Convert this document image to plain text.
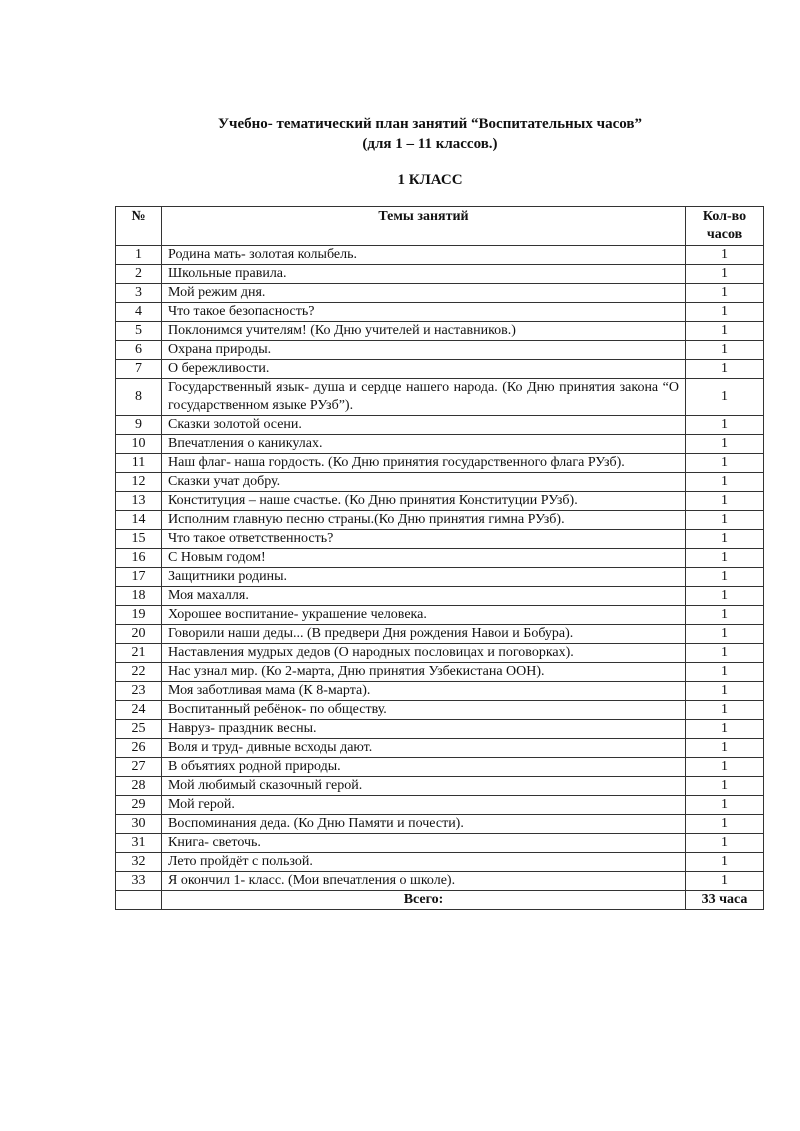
Учебно- тематический план занятий “Воспитательных часов”
(для 1 – 11 классов.)
1 КЛАСС
№	Темы занятий	Кол-во часов
1	Родина мать- золотая колыбель.	1
2	Школьные правила.	1
3	Мой режим дня.	1
4	Что такое безопасность?	1
5	Поклонимся учителям! (Ко Дню учителей и наставников.)	1
6	Охрана природы.	1
7	О бережливости.	1
8	Государственный язык- душа и сердце нашего народа. (Ко Дню принятия закона “О государственном языке РУзб”).	1
9	Сказки золотой осени.	1
10	Впечатления о каникулах.	1
11	Наш флаг- наша гордость. (Ко Дню принятия государственного флага РУзб).	1
12	Сказки учат добру.	1
13	Конституция – наше счастье. (Ко Дню принятия Конституции РУзб).	1
14	Исполним главную песню страны.(Ко Дню принятия гимна РУзб).	1
15	Что такое ответственность?	1
16	С Новым годом!	1
17	Защитники родины.	1
18	Моя махалля.	1
19	Хорошее воспитание- украшение человека.	1
20	Говорили наши деды... (В предвери Дня рождения Навои и Бобура).	1
21	Наставления мудрых дедов (О народных пословицах и поговорках).	1
22	Нас узнал мир. (Ко 2-марта, Дню принятия Узбекистана ООН).	1
23	Моя заботливая мама (К 8-марта).	1
24	Воспитанный ребёнок- по обществу.	1
25	Навруз- праздник весны.	1
26	Воля и труд- дивные всходы дают.	1
27	В объятиях родной природы.	1
28	Мой любимый сказочный герой.	1
29	Мой герой.	1
30	Воспоминания деда. (Ко Дню Памяти и почести).	1
31	Книга- светочь.	1
32	Лето пройдёт с пользой.	1
33	Я окончил 1- класс. (Мои впечатления о школе).	1
	Всего:	33 часа
